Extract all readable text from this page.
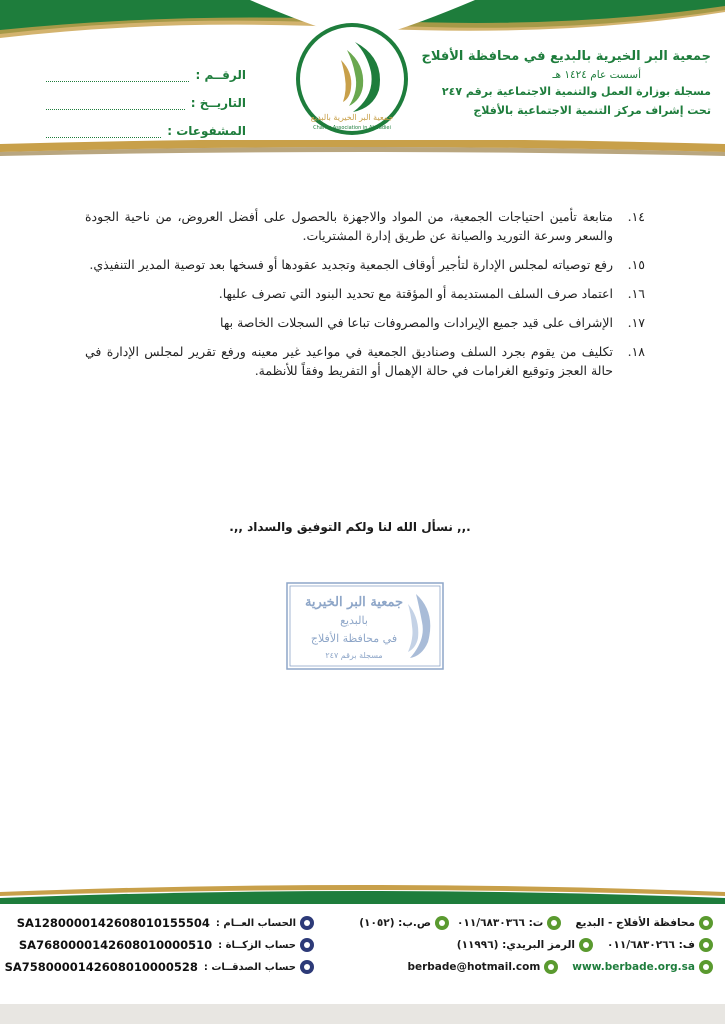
جمعية البر الخيرية بالبديع في محافظة الأفلاج
أسست عام ١٤٢٤ هـ
مسجلة بوزارة العمل والتنمية الاجتماعية برقم ٢٤٧
تحت إشراف مركز التنمية الاجتماعية بالأفلاج
جمعية البر الخيرية بالبديع
Charity Association in Al Badiei
الرقــم :
التاريــخ :
المشفوعات :
١٤.
متابعة تأمين احتياجات الجمعية، من المواد والاجهزة بالحصول على أفضل العروض، من ناحية الجودة والسعر وسرعة التوريد والصيانة عن طريق إدارة المشتريات.
١٥.
رفع توصياته لمجلس الإدارة لتأجير أوقاف الجمعية وتجديد عقودها أو فسخها بعد توصية المدير التنفيذي.
١٦.
اعتماد صرف السلف المستديمة أو المؤقتة مع تحديد البنود التي تصرف عليها.
١٧.
الإشراف على قيد جميع الإيرادات والمصروفات تباعا في السجلات الخاصة بها
١٨.
تكليف من يقوم بجرد السلف وصناديق الجمعية في مواعيد غير معينه ورفع تقرير لمجلس الإدارة في حالة العجز وتوقيع الغرامات في حالة الإهمال أو التفريط وفقاً للأنظمة.
.,, نسأل الله لنا ولكم التوفيق والسداد ,,.
جمعية البر الخيرية
بالبديع
في محافظة الأفلاج
مسجلة برقم ٢٤٧
محافظة الأفلاج - البديع
ت: ٠١١/٦٨٣٠٣٦٦
ص.ب: (١٠٥٢)
ف: ٠١١/٦٨٣٠٢٦٦
الرمز البريدي: (١١٩٩٦)
www.berbade.org.sa
berbade@hotmail.com
الحساب العــام :
SA1280000142608010155504
حساب الزكــاة :
SA7680000142608010000510
حساب الصدقــات :
SA7580000142608010000528
